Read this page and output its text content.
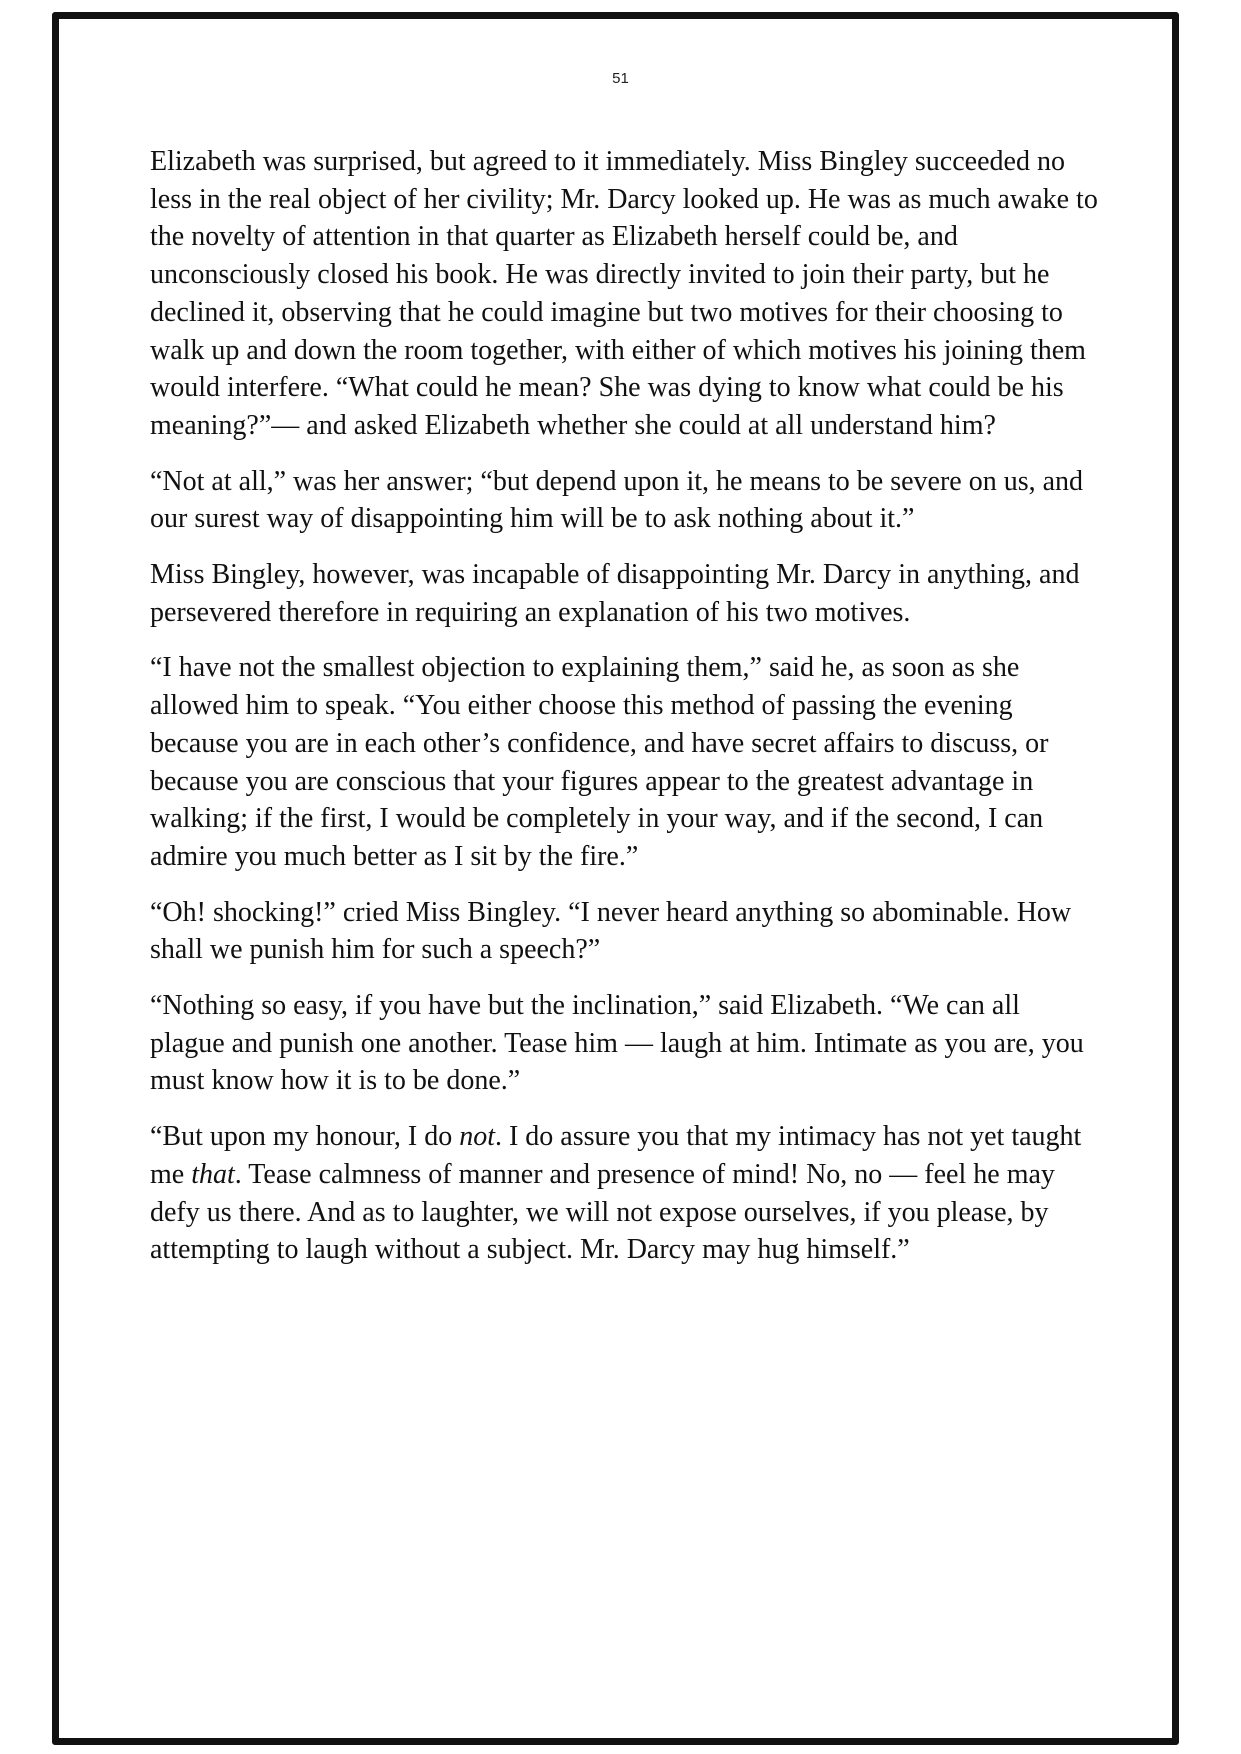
51

Elizabeth was surprised, but agreed to it immediately. Miss Bingley succeeded no less in the real object of her civility; Mr. Darcy looked up. He was as much awake to the novelty of attention in that quarter as Elizabeth herself could be, and unconsciously closed his book. He was directly invited to join their party, but he declined it, observing that he could imagine but two motives for their choosing to walk up and down the room together, with either of which motives his joining them would interfere. “What could he mean? She was dying to know what could be his meaning?”— and asked Elizabeth whether she could at all understand him?

“Not at all,” was her answer; “but depend upon it, he means to be severe on us, and our surest way of disappointing him will be to ask nothing about it.”

Miss Bingley, however, was incapable of disappointing Mr. Darcy in anything, and persevered therefore in requiring an explanation of his two motives.

“I have not the smallest objection to explaining them,” said he, as soon as she allowed him to speak. “You either choose this method of passing the evening because you are in each other’s confidence, and have secret affairs to discuss, or because you are conscious that your figures appear to the greatest advantage in walking; if the first, I would be completely in your way, and if the second, I can admire you much better as I sit by the fire.”

“Oh! shocking!” cried Miss Bingley. “I never heard anything so abominable. How shall we punish him for such a speech?”

“Nothing so easy, if you have but the inclination,” said Elizabeth. “We can all plague and punish one another. Tease him — laugh at him. Intimate as you are, you must know how it is to be done.”

“But upon my honour, I do not. I do assure you that my intimacy has not yet taught me that. Tease calmness of manner and presence of mind! No, no — feel he may defy us there. And as to laughter, we will not expose ourselves, if you please, by attempting to laugh without a subject. Mr. Darcy may hug himself.”
